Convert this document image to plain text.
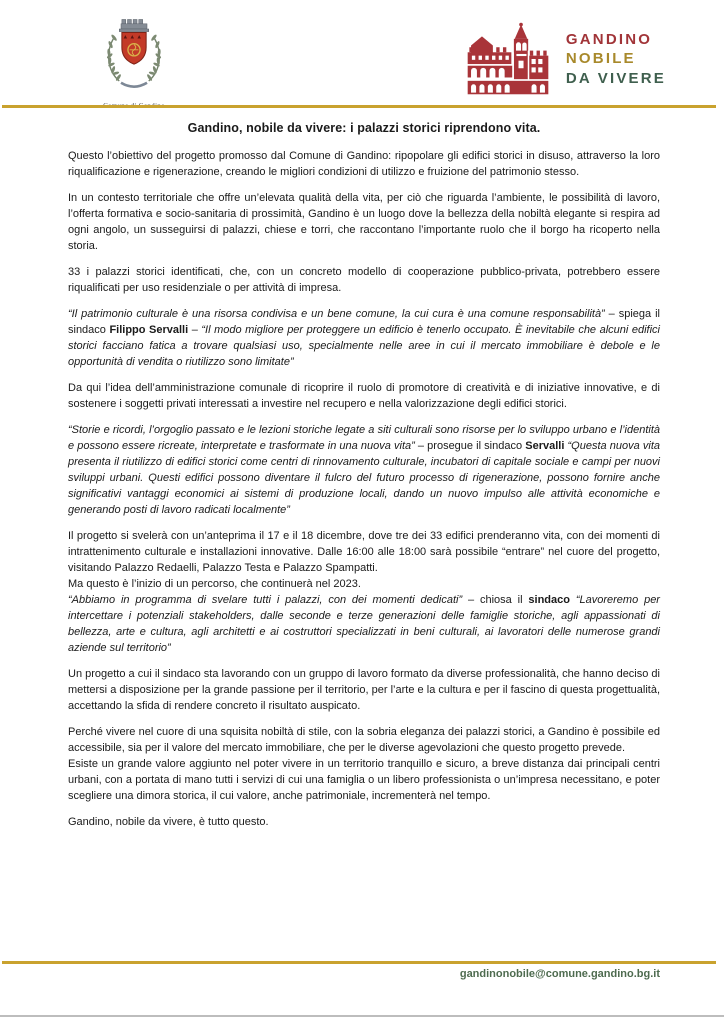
GANDINO
NOBILE
DA VIVERE
Gandino, nobile da vivere: i palazzi storici riprendono vita.

Questo l’obiettivo del progetto promosso dal Comune di Gandino: ripopolare gli edifici storici in disuso, attraverso la loro riqualificazione e rigenerazione, creando le migliori condizioni di utilizzo e fruizione del patrimonio stesso.

In un contesto territoriale che offre un’elevata qualità della vita, per ciò che riguarda l’ambiente, le possibilità di lavoro, l’offerta formativa e socio-sanitaria di prossimità, Gandino è un luogo dove la bellezza della nobiltà elegante si respira ad ogni angolo, un susseguirsi di palazzi, chiese e torri, che raccontano l’importante ruolo che il borgo ha ricoperto nella storia.

33 i palazzi storici identificati, che, con un concreto modello di cooperazione pubblico-privata, potrebbero essere riqualificati per uso residenziale o per attività di impresa.

“Il patrimonio culturale è una risorsa condivisa e un bene comune, la cui cura è una comune responsabilità” – spiega il sindaco Filippo Servalli – “Il modo migliore per proteggere un edificio è tenerlo occupato. È inevitabile che alcuni edifici storici facciano fatica a trovare qualsiasi uso, specialmente nelle aree in cui il mercato immobiliare è debole e le opportunità di vendita o riutilizzo sono limitate”

Da qui l’idea dell’amministrazione comunale di ricoprire il ruolo di promotore di creatività e di iniziative innovative, e di sostenere i soggetti privati interessati a investire nel recupero e nella valorizzazione degli edifici storici.

“Storie e ricordi, l’orgoglio passato e le lezioni storiche legate a siti culturali sono risorse per lo sviluppo urbano e l’identità e possono essere ricreate, interpretate e trasformate in una nuova vita” – prosegue il sindaco Servalli “Questa nuova vita presenta il riutilizzo di edifici storici come centri di rinnovamento culturale, incubatori di capitale sociale e campi per nuovi sviluppi urbani. Questi edifici possono diventare il fulcro del futuro processo di rigenerazione, possono fornire anche significativi vantaggi economici ai sistemi di produzione locali, dando un nuovo impulso alle attività economiche e generando posti di lavoro radicati localmente”

Il progetto si svelerà con un’anteprima il 17 e il 18 dicembre, dove tre dei 33 edifici prenderanno vita, con dei momenti di intrattenimento culturale e installazioni innovative. Dalle 16:00 alle 18:00 sarà possibile “entrare” nel cuore del progetto, visitando Palazzo Redaelli, Palazzo Testa e Palazzo Spampatti.

Ma questo è l’inizio di un percorso, che continuerà nel 2023.

“Abbiamo in programma di svelare tutti i palazzi, con dei momenti dedicati” – chiosa il sindaco “Lavoreremo per intercettare i potenziali stakeholders, dalle seconde e terze generazioni delle famiglie storiche, agli appassionati di bellezza, arte e cultura, agli architetti e ai costruttori specializzati in beni culturali, ai lavoratori delle numerose grandi aziende sul territorio”

Un progetto a cui il sindaco sta lavorando con un gruppo di lavoro formato da diverse professionalità, che hanno deciso di mettersi a disposizione per la grande passione per il territorio, per l’arte e la cultura e per il fascino di questa progettualità, accettando la sfida di rendere concreto il risultato auspicato.

Perché vivere nel cuore di una squisita nobiltà di stile, con la sobria eleganza dei palazzi storici, a Gandino è possibile ed accessibile, sia per il valore del mercato immobiliare, che per le diverse agevolazioni che questo progetto prevede.

Esiste un grande valore aggiunto nel poter vivere in un territorio tranquillo e sicuro, a breve distanza dai principali centri urbani, con a portata di mano tutti i servizi di cui una famiglia o un libero professionista o un’impresa necessitano, e poter scegliere una dimora storica, il cui valore, anche patrimoniale, incrementerà nel tempo.

Gandino, nobile da vivere, è tutto questo.

gandinonobile@comune.gandino.bg.it
